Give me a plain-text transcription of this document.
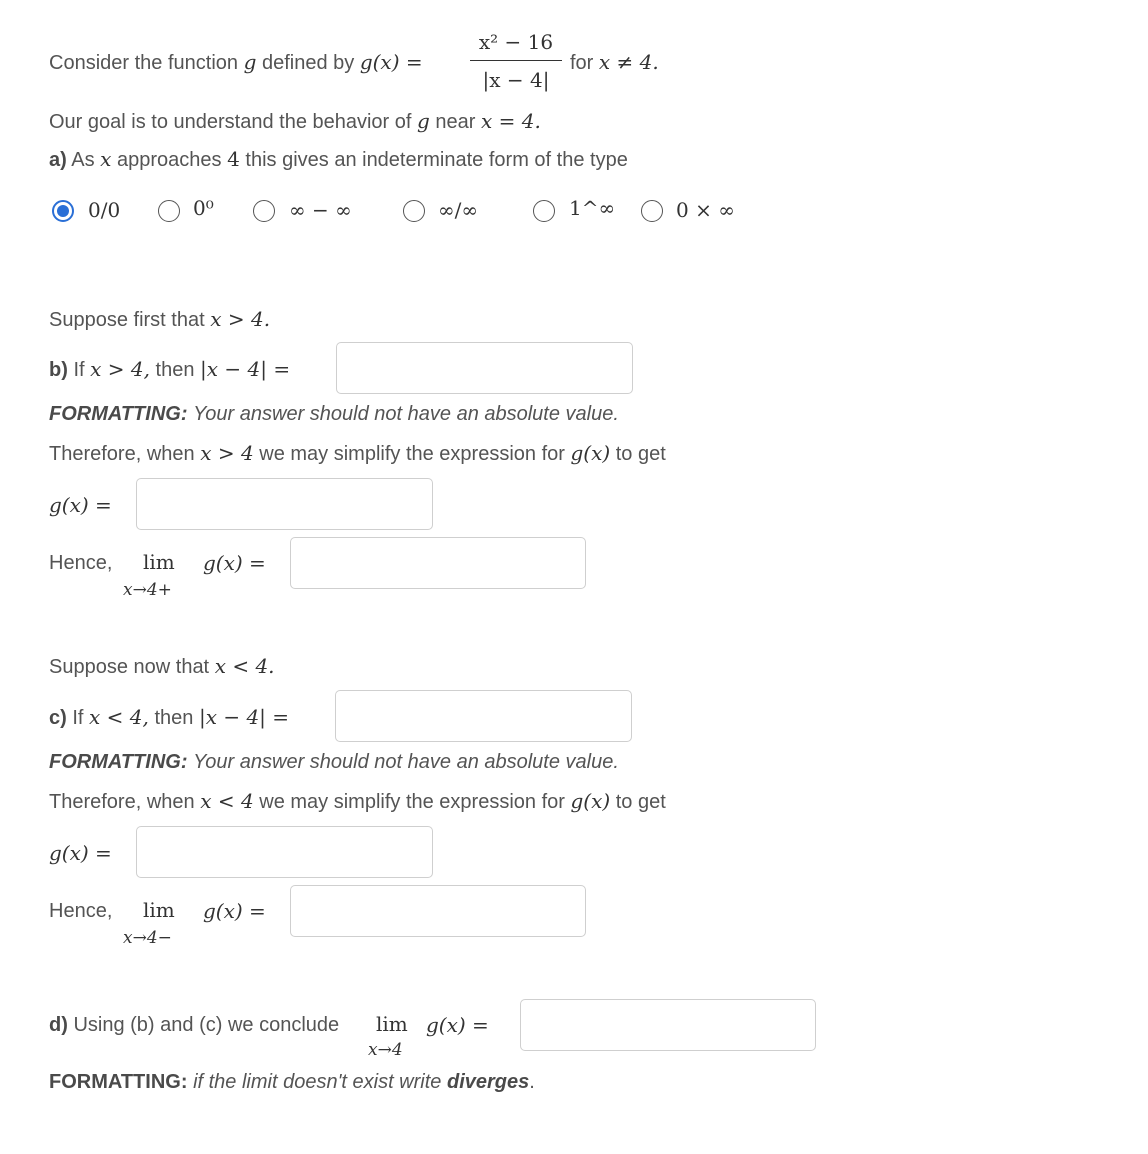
Consider the function g defined by g(x) =
x² − 16
|x − 4|
for x ≠ 4.
Our goal is to understand the behavior of g near x = 4.
a) As x approaches 4 this gives an indeterminate form of the type
0/0	0⁰	∞ − ∞	∞/∞	1^∞	0 × ∞
Suppose first that x > 4.
b) If x > 4, then |x − 4| =
FORMATTING: Your answer should not have an absolute value.
Therefore, when x > 4 we may simplify the expression for g(x) to get
g(x) =
Hence, lim
x→4+
g(x) =
Suppose now that x < 4.
c) If x < 4, then |x − 4| =
FORMATTING: Your answer should not have an absolute value.
Therefore, when x < 4 we may simplify the expression for g(x) to get
g(x) =
Hence, lim
x→4−
g(x) =
d) Using (b) and (c) we conclude lim
x→4
g(x) =
FORMATTING: if the limit doesn't exist write diverges.
